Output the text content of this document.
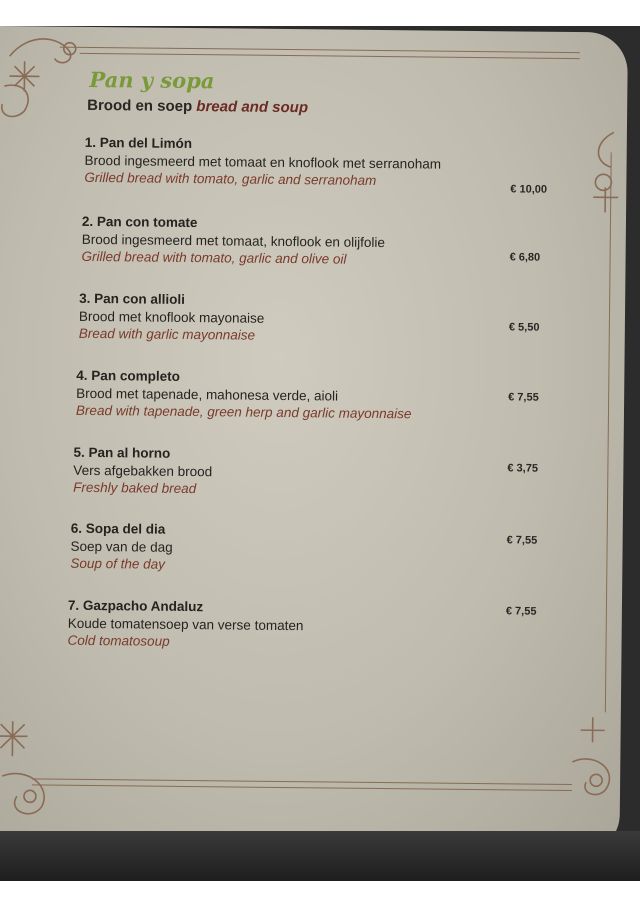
Pan y sopa
Brood en soep bread and soup
1. Pan del Limón
Brood ingesmeerd met tomaat en knoflook met serranoham
Grilled bread with tomato, garlic and serranoham
€ 10,00
2. Pan con tomate
Brood ingesmeerd met tomaat, knoflook en olijfolie
Grilled bread with tomato, garlic and olive oil	€ 6,80
3. Pan con allioli
Brood met knoflook mayonaise
Bread with garlic mayonnaise	€ 5,50
4. Pan completo
Brood met tapenade, mahonesa verde, aioli
Bread with tapenade, green herp and garlic mayonnaise
€ 7,55
5. Pan al horno
Vers afgebakken brood
Freshly baked bread
€ 3,75
6. Sopa del dia
Soep van de dag
Soup of the day
€ 7,55
7. Gazpacho Andaluz
Koude tomatensoep van verse tomaten
Cold tomatosoup
€ 7,55
